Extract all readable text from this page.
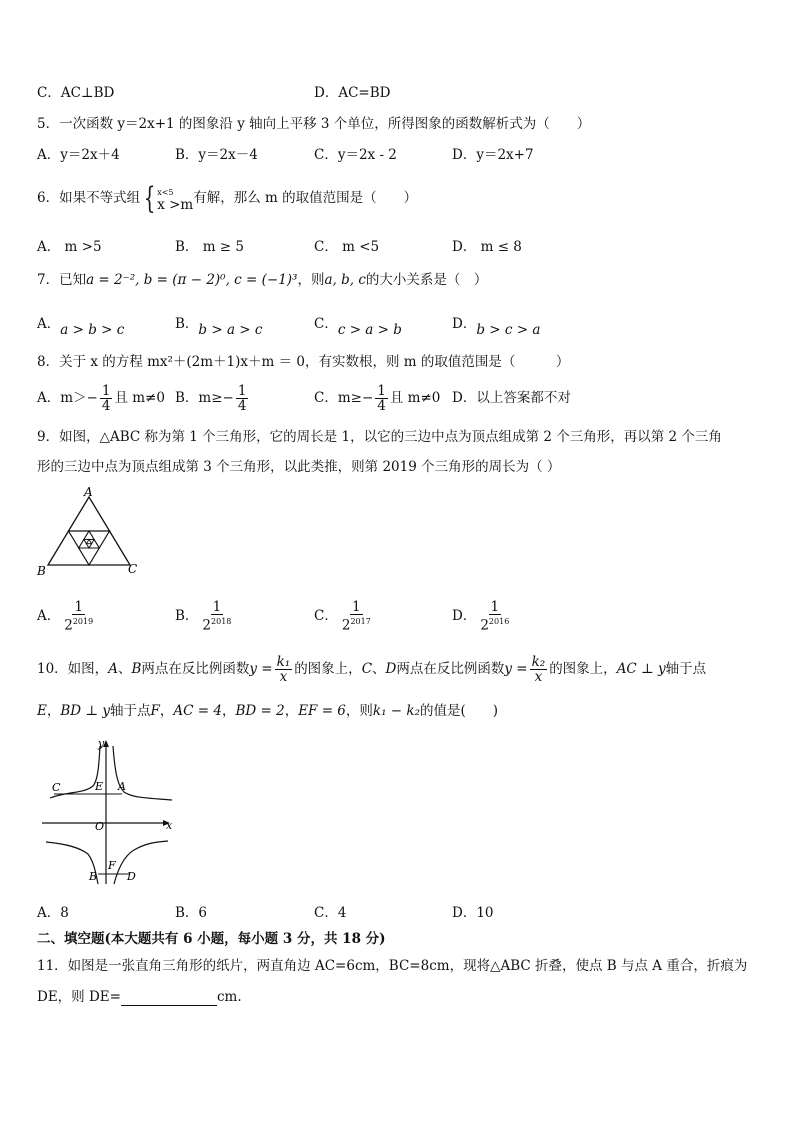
C．AC⊥BD	D．AC=BD
5．一次函数 y＝2x+1 的图象沿 y 轴向上平移 3 个单位，所得图象的函数解析式为（　　）
A．y＝2x＋4	B．y＝2x－4	C．y＝2x - 2	D．y＝2x+7
6．如果不等式组 { x<5
x >m 有解，那么 m 的取值范围是（　　）
A． m >5	B． m ≥ 5	C． m <5	D． m ≤ 8
7．已知a = 2⁻², b = (π − 2)⁰, c = (−1)³，则a, b, c的大小关系是（　）
A．a > b > c	B．b > a > c	C．c > a > b	D．b > c > a
8．关于 x 的方程 mx²＋(2m＋1)x＋m ＝ 0，有实数根，则 m 的取值范围是（　　　）
A．$m>- \frac{1}{4}$ 且 m≠0 B．$m\ge- \frac{1}{4}$	C．$m\ge- \frac{1}{4}$ 且 m≠0 D．以上答案都不对
9．如图，△ABC 称为第 1 个三角形，它的周长是 1，以它的三边中点为顶点组成第 2 个三角形，再以第 2 个三角
形的三边中点为顶点组成第 3 个三角形，以此类推，则第 2019 个三角形的周长为（ ）
A
B	C
A． $\frac{1}{2^{2019}}$	B． $\frac{1}{2^{2018}}$	C． $\frac{1}{2^{2017}}$	D． $\frac{1}{2^{2016}}$
10．如图，A、B两点在反比例函数$y = \frac{\text{k₁}}{x}$ 的图象上，C、D两点在反比例函数$y = \frac{\text{k₂}}{x}$ 的图象上，AC ⊥ y轴于点
E，BD ⊥ y轴于点F，AC = 4，BD = 2，EF = 6，则k₁ − k₂的值是(　　)
y
x
O
C	E A
F
B	D
A．8	B．6	C．4	D．10
二、填空题(本大题共有 6 小题，每小题 3 分，共 18 分)
11．如图是一张直角三角形的纸片，两直角边 AC=6cm，BC=8cm，现将△ABC 折叠，使点 B 与点 A 重合，折痕为
DE，则 DE=	cm.
